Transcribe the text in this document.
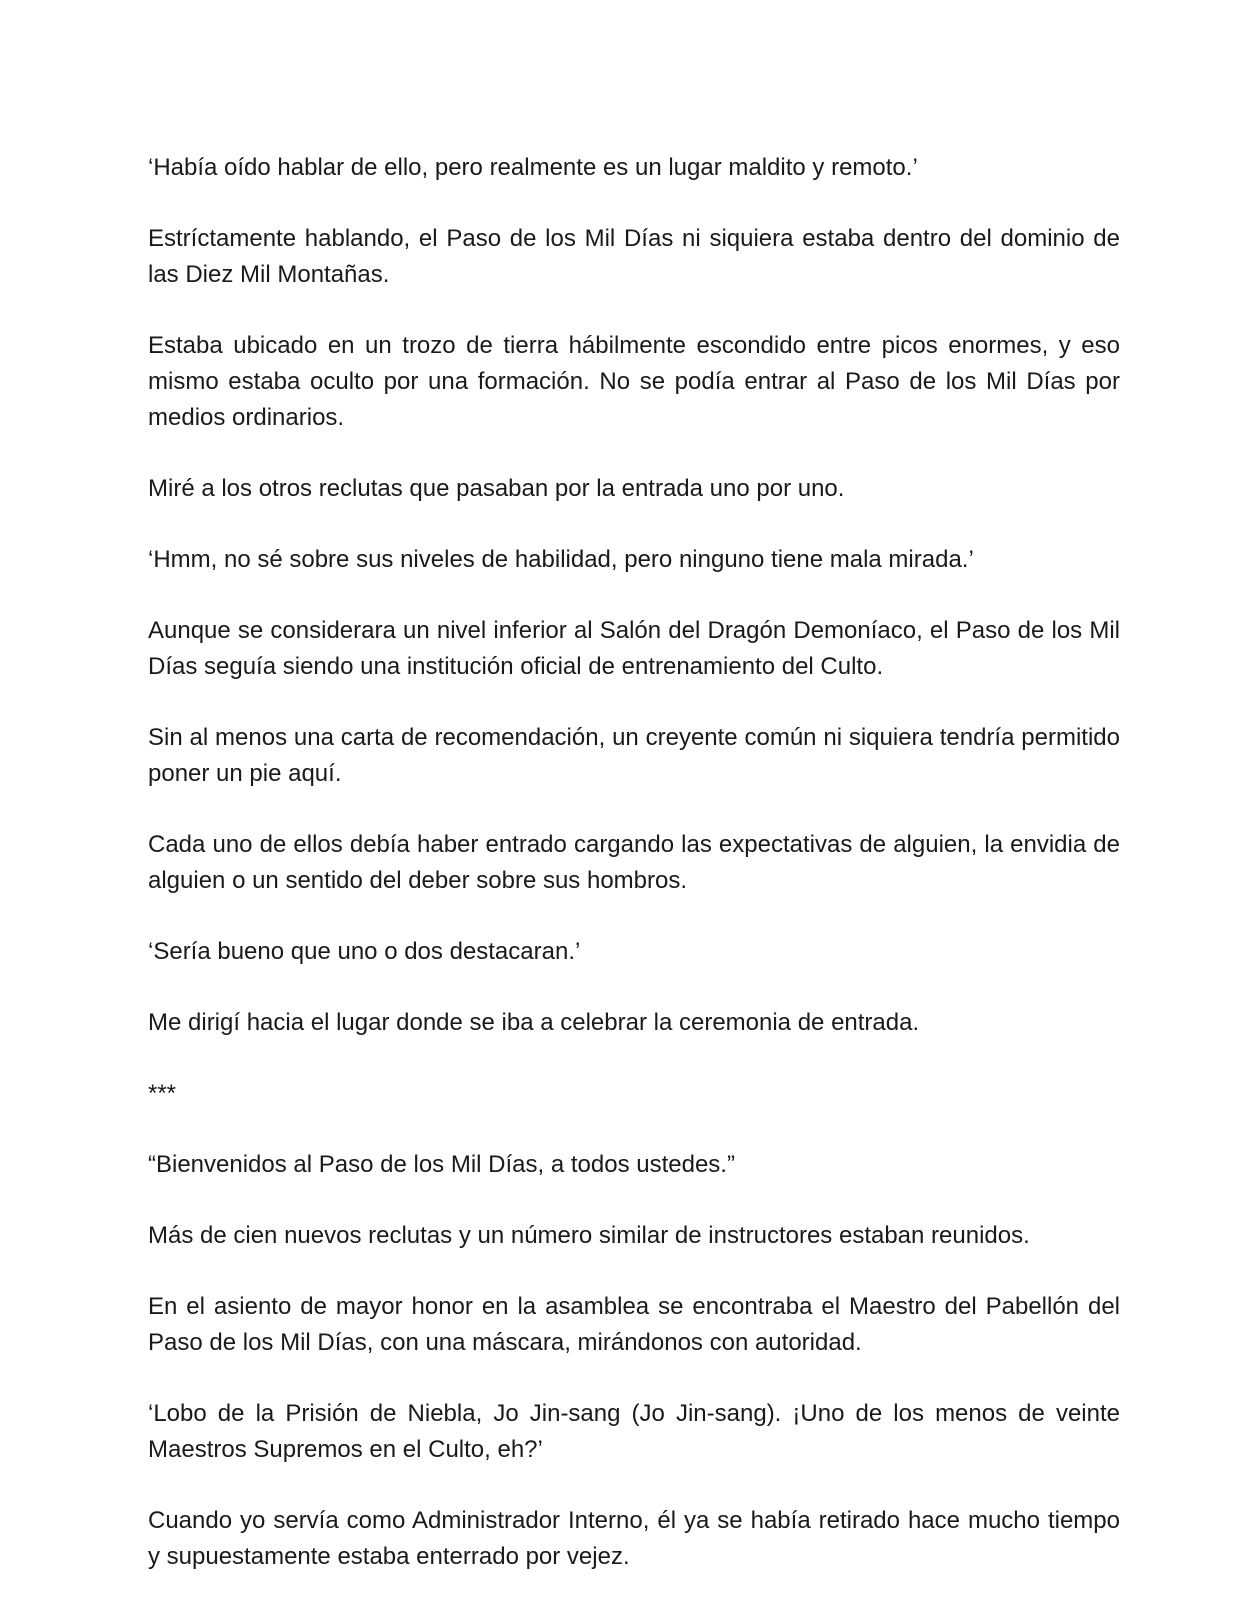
‘Había oído hablar de ello, pero realmente es un lugar maldito y remoto.’

Estríctamente hablando, el Paso de los Mil Días ni siquiera estaba dentro del dominio de las Diez Mil Montañas.

Estaba ubicado en un trozo de tierra hábilmente escondido entre picos enormes, y eso mismo estaba oculto por una formación. No se podía entrar al Paso de los Mil Días por medios ordinarios.

Miré a los otros reclutas que pasaban por la entrada uno por uno.

‘Hmm, no sé sobre sus niveles de habilidad, pero ninguno tiene mala mirada.’

Aunque se considerara un nivel inferior al Salón del Dragón Demoníaco, el Paso de los Mil Días seguía siendo una institución oficial de entrenamiento del Culto.

Sin al menos una carta de recomendación, un creyente común ni siquiera tendría permitido poner un pie aquí.

Cada uno de ellos debía haber entrado cargando las expectativas de alguien, la envidia de alguien o un sentido del deber sobre sus hombros.

‘Sería bueno que uno o dos destacaran.’

Me dirigí hacia el lugar donde se iba a celebrar la ceremonia de entrada.

***

“Bienvenidos al Paso de los Mil Días, a todos ustedes.”

Más de cien nuevos reclutas y un número similar de instructores estaban reunidos.

En el asiento de mayor honor en la asamblea se encontraba el Maestro del Pabellón del Paso de los Mil Días, con una máscara, mirándonos con autoridad.

‘Lobo de la Prisión de Niebla, Jo Jin-sang (Jo Jin-sang). ¡Uno de los menos de veinte Maestros Supremos en el Culto, eh?’

Cuando yo servía como Administrador Interno, él ya se había retirado hace mucho tiempo y supuestamente estaba enterrado por vejez.
